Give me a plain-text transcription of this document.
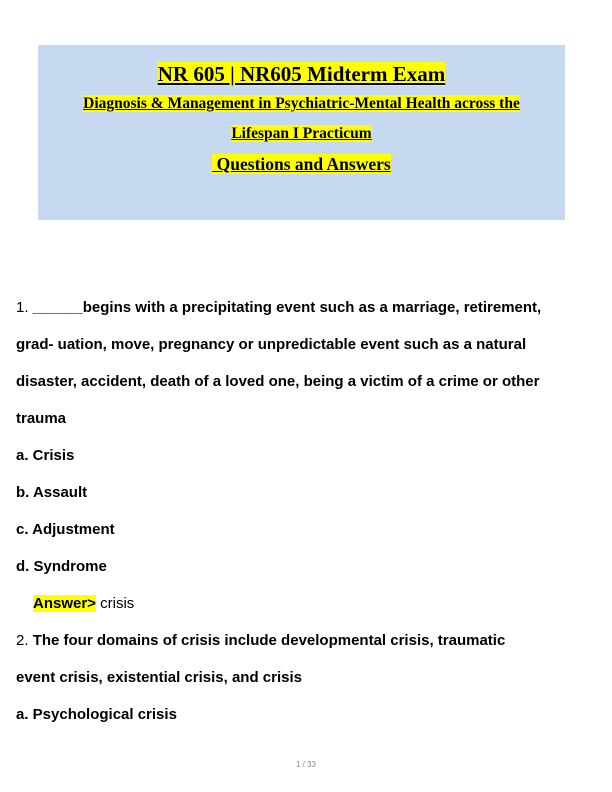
NR 605 | NR605 Midterm Exam
Diagnosis & Management in Psychiatric-Mental Health across the
Lifespan I Practicum
Questions and Answers
1. ______begins with a precipitating event such as a marriage, retirement,
grad- uation, move, pregnancy or unpredictable event such as a natural
disaster, accident, death of a loved one, being a victim of a crime or other
trauma
a. Crisis
b. Assault
c. Adjustment
d. Syndrome
Answer> crisis
2. The four domains of crisis include developmental crisis, traumatic
event crisis, existential crisis, and crisis
a. Psychological crisis
1 / 33
